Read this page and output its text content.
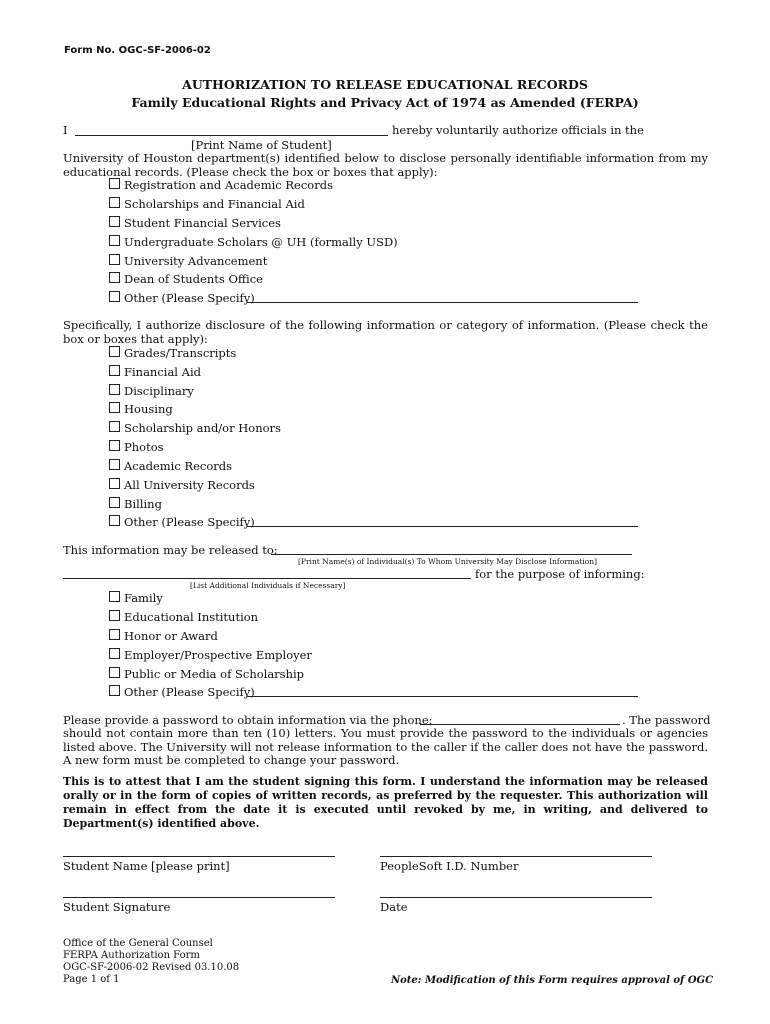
Form No. OGC-SF-2006-02
AUTHORIZATION TO RELEASE EDUCATIONAL RECORDS
Family Educational Rights and Privacy Act of 1974 as Amended (FERPA)
I	hereby voluntarily authorize officials in the
[Print Name of Student]
University of Houston department(s) identified below to disclose personally identifiable information from my educational records. (Please check the box or boxes that apply):
Registration and Academic Records
Scholarships and Financial Aid
Student Financial Services
Undergraduate Scholars @ UH (formally USD)
University Advancement
Dean of Students Office
Other (Please Specify)
Specifically, I authorize disclosure of the following information or category of information. (Please check the box or boxes that apply):
Grades/Transcripts
Financial Aid
Disciplinary
Housing
Scholarship and/or Honors
Photos
Academic Records
All University Records
Billing
Other (Please Specify)
This information may be released to:
[Print Name(s) of Individual(s) To Whom University May Disclose Information]
for the purpose of informing:
[List Additional Individuals if Necessary]
Family
Educational Institution
Honor or Award
Employer/Prospective Employer
Public or Media of Scholarship
Other (Please Specify)
Please provide a password to obtain information via the phone:	. The password
should not contain more than ten (10) letters. You must provide the password to the individuals or agencies listed above. The University will not release information to the caller if the caller does not have the password. A new form must be completed to change your password.
This is to attest that I am the student signing this form. I understand the information may be released orally or in the form of copies of written records, as preferred by the requester. This authorization will remain in effect from the date it is executed until revoked by me, in writing, and delivered to Department(s) identified above.
Student Name [please print]	PeopleSoft I.D. Number
Student Signature	Date
Office of the General Counsel
FERPA Authorization Form
OGC-SF-2006-02 Revised 03.10.08
Page 1 of 1	Note: Modification of this Form requires approval of OGC
